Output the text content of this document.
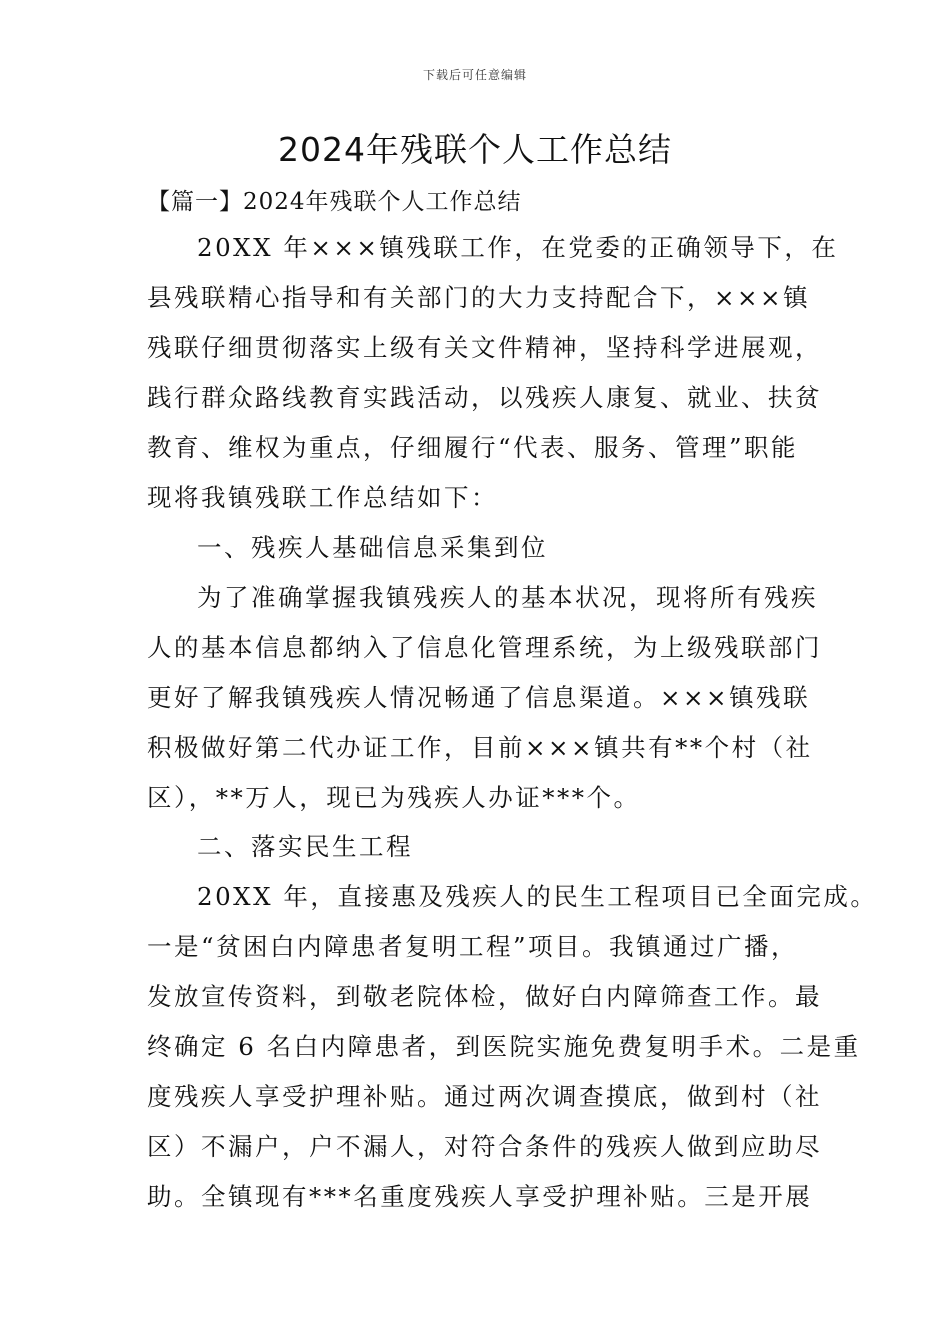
下载后可任意编辑
2024年残联个人工作总结
【篇一】2024年残联个人工作总结
20XX 年×××镇残联工作，在党委的正确领导下，在
县残联精心指导和有关部门的大力支持配合下，×××镇
残联仔细贯彻落实上级有关文件精神，坚持科学进展观，
践行群众路线教育实践活动，以残疾人康复、就业、扶贫
教育、维权为重点，仔细履行“代表、服务、管理”职能
现将我镇残联工作总结如下：
一、残疾人基础信息采集到位
为了准确掌握我镇残疾人的基本状况，现将所有残疾
人的基本信息都纳入了信息化管理系统，为上级残联部门
更好了解我镇残疾人情况畅通了信息渠道。×××镇残联
积极做好第二代办证工作，目前×××镇共有**个村（社
区），**万人，现已为残疾人办证***个。
二、落实民生工程
20XX 年，直接惠及残疾人的民生工程项目已全面完成。
一是“贫困白内障患者复明工程”项目。我镇通过广播，
发放宣传资料，到敬老院体检，做好白内障筛查工作。最
终确定 6 名白内障患者，到医院实施免费复明手术。二是重
度残疾人享受护理补贴。通过两次调查摸底，做到村（社
区）不漏户，户不漏人，对符合条件的残疾人做到应助尽
助。全镇现有***名重度残疾人享受护理补贴。三是开展
